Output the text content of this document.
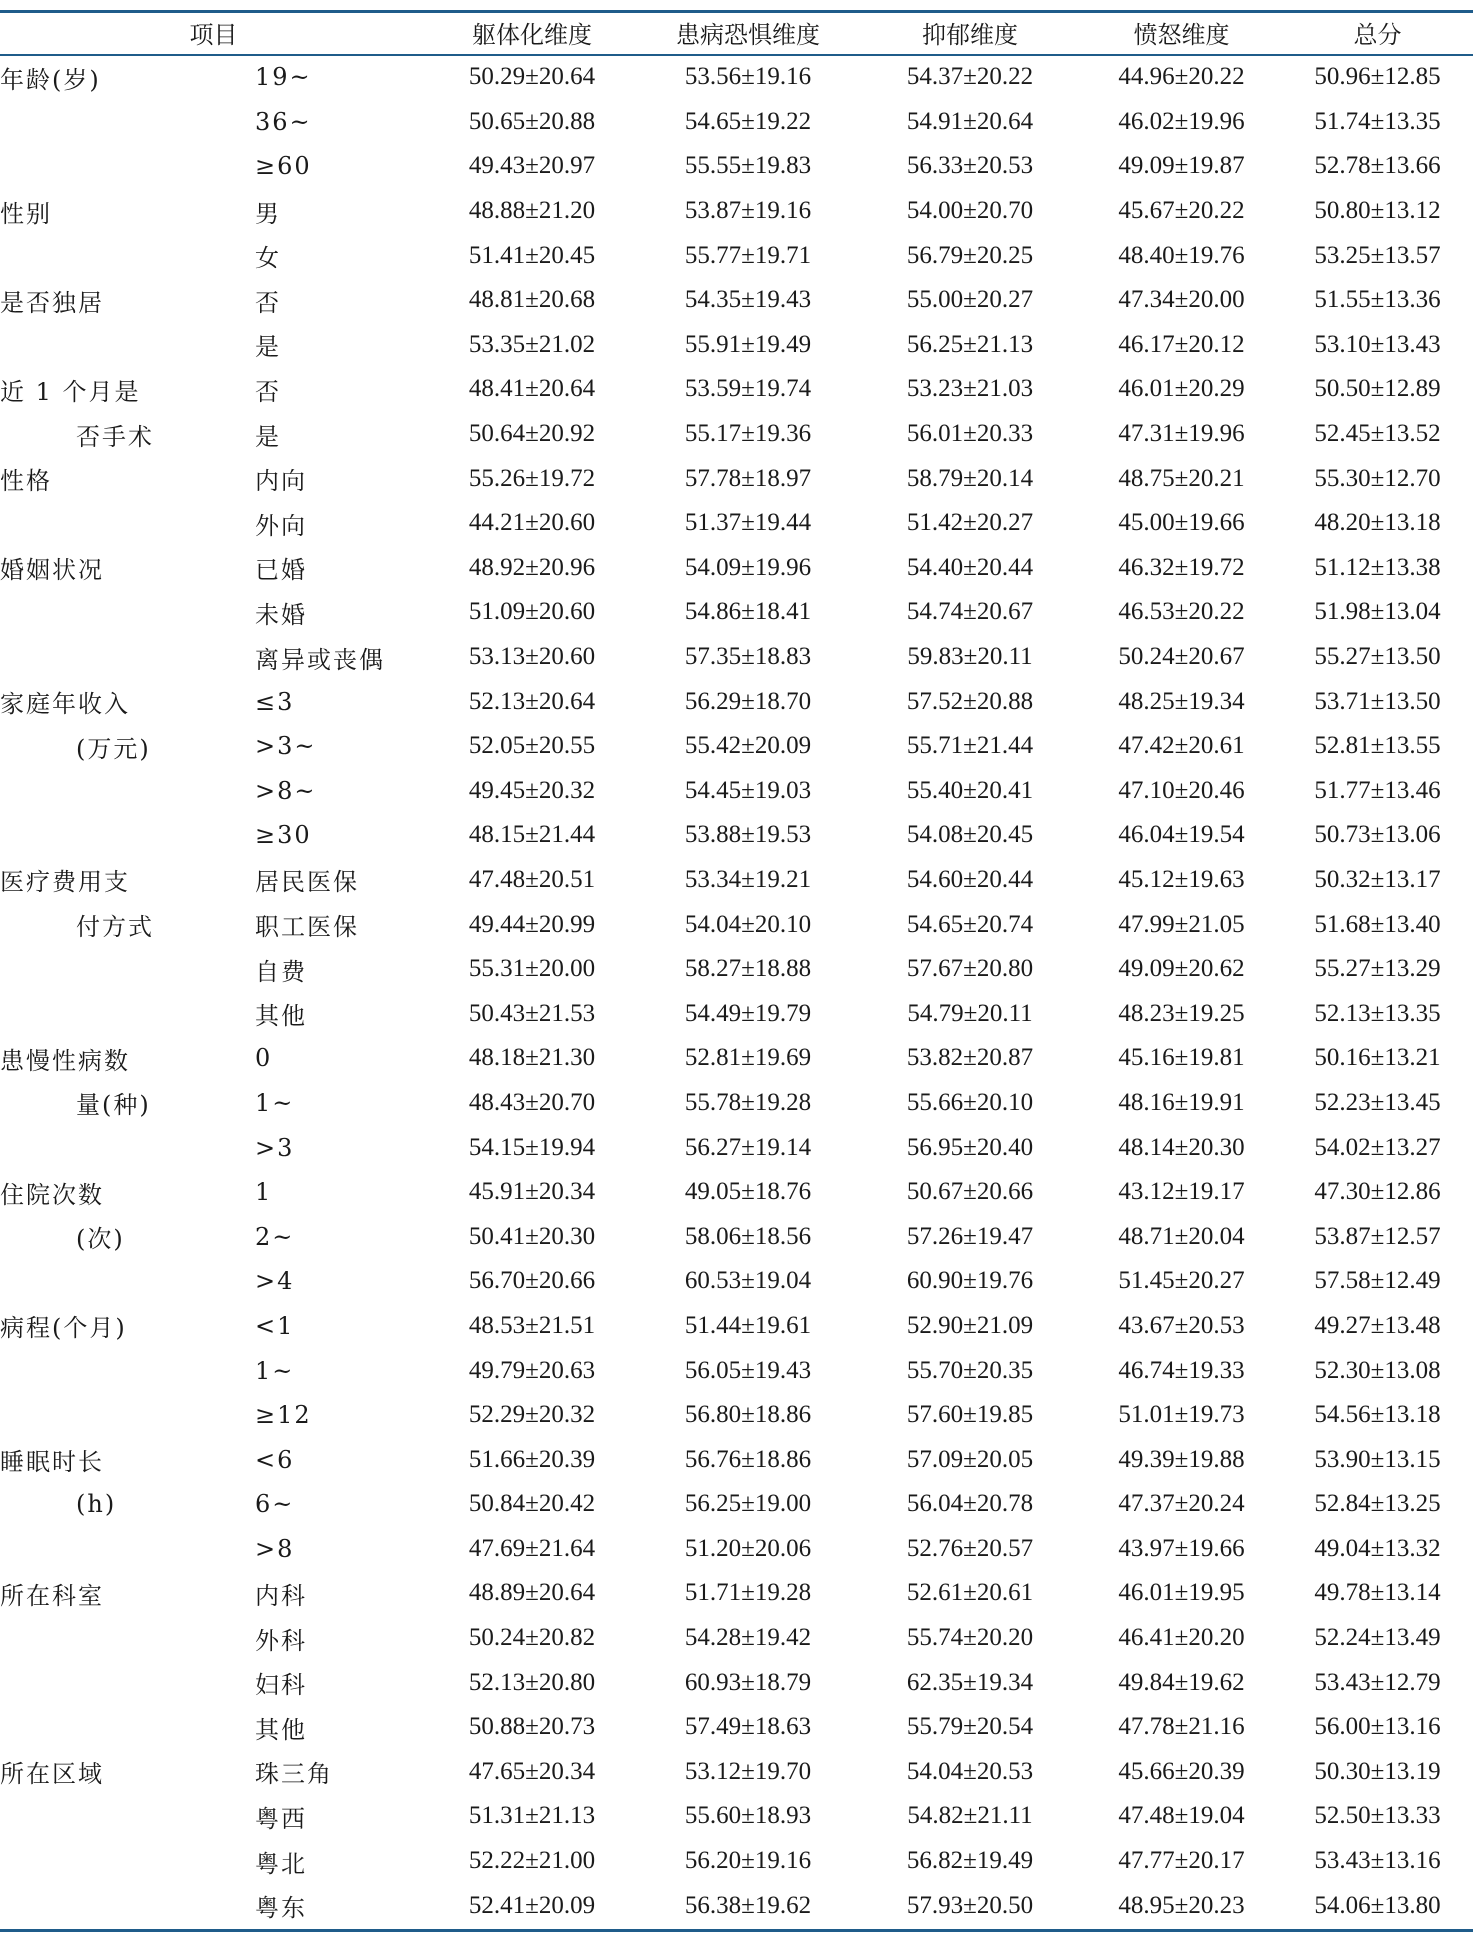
项目		躯体化维度	患病恐惧维度	抑郁维度	愤怒维度	总分
年龄(岁)	19~	50.29±20.64	53.56±19.16	54.37±20.22	44.96±20.22	50.96±12.85
	36~	50.65±20.88	54.65±19.22	54.91±20.64	46.02±19.96	51.74±13.35
	≥60	49.43±20.97	55.55±19.83	56.33±20.53	49.09±19.87	52.78±13.66
性别	男	48.88±21.20	53.87±19.16	54.00±20.70	45.67±20.22	50.80±13.12
	女	51.41±20.45	55.77±19.71	56.79±20.25	48.40±19.76	53.25±13.57
是否独居	否	48.81±20.68	54.35±19.43	55.00±20.27	47.34±20.00	51.55±13.36
	是	53.35±21.02	55.91±19.49	56.25±21.13	46.17±20.12	53.10±13.43
近 1 个月是	否	48.41±20.64	53.59±19.74	53.23±21.03	46.01±20.29	50.50±12.89
否手术	是	50.64±20.92	55.17±19.36	56.01±20.33	47.31±19.96	52.45±13.52
性格	内向	55.26±19.72	57.78±18.97	58.79±20.14	48.75±20.21	55.30±12.70
	外向	44.21±20.60	51.37±19.44	51.42±20.27	45.00±19.66	48.20±13.18
婚姻状况	已婚	48.92±20.96	54.09±19.96	54.40±20.44	46.32±19.72	51.12±13.38
	未婚	51.09±20.60	54.86±18.41	54.74±20.67	46.53±20.22	51.98±13.04
	离异或丧偶	53.13±20.60	57.35±18.83	59.83±20.11	50.24±20.67	55.27±13.50
家庭年收入	≤3	52.13±20.64	56.29±18.70	57.52±20.88	48.25±19.34	53.71±13.50
(万元)	>3~	52.05±20.55	55.42±20.09	55.71±21.44	47.42±20.61	52.81±13.55
	>8~	49.45±20.32	54.45±19.03	55.40±20.41	47.10±20.46	51.77±13.46
	≥30	48.15±21.44	53.88±19.53	54.08±20.45	46.04±19.54	50.73±13.06
医疗费用支	居民医保	47.48±20.51	53.34±19.21	54.60±20.44	45.12±19.63	50.32±13.17
付方式	职工医保	49.44±20.99	54.04±20.10	54.65±20.74	47.99±21.05	51.68±13.40
	自费	55.31±20.00	58.27±18.88	57.67±20.80	49.09±20.62	55.27±13.29
	其他	50.43±21.53	54.49±19.79	54.79±20.11	48.23±19.25	52.13±13.35
患慢性病数	0	48.18±21.30	52.81±19.69	53.82±20.87	45.16±19.81	50.16±13.21
量(种)	1~	48.43±20.70	55.78±19.28	55.66±20.10	48.16±19.91	52.23±13.45
	>3	54.15±19.94	56.27±19.14	56.95±20.40	48.14±20.30	54.02±13.27
住院次数	1	45.91±20.34	49.05±18.76	50.67±20.66	43.12±19.17	47.30±12.86
(次)	2~	50.41±20.30	58.06±18.56	57.26±19.47	48.71±20.04	53.87±12.57
	>4	56.70±20.66	60.53±19.04	60.90±19.76	51.45±20.27	57.58±12.49
病程(个月)	<1	48.53±21.51	51.44±19.61	52.90±21.09	43.67±20.53	49.27±13.48
	1~	49.79±20.63	56.05±19.43	55.70±20.35	46.74±19.33	52.30±13.08
	≥12	52.29±20.32	56.80±18.86	57.60±19.85	51.01±19.73	54.56±13.18
睡眠时长	<6	51.66±20.39	56.76±18.86	57.09±20.05	49.39±19.88	53.90±13.15
(h)	6~	50.84±20.42	56.25±19.00	56.04±20.78	47.37±20.24	52.84±13.25
	>8	47.69±21.64	51.20±20.06	52.76±20.57	43.97±19.66	49.04±13.32
所在科室	内科	48.89±20.64	51.71±19.28	52.61±20.61	46.01±19.95	49.78±13.14
	外科	50.24±20.82	54.28±19.42	55.74±20.20	46.41±20.20	52.24±13.49
	妇科	52.13±20.80	60.93±18.79	62.35±19.34	49.84±19.62	53.43±12.79
	其他	50.88±20.73	57.49±18.63	55.79±20.54	47.78±21.16	56.00±13.16
所在区域	珠三角	47.65±20.34	53.12±19.70	54.04±20.53	45.66±20.39	50.30±13.19
	粤西	51.31±21.13	55.60±18.93	54.82±21.11	47.48±19.04	52.50±13.33
	粤北	52.22±21.00	56.20±19.16	56.82±19.49	47.77±20.17	53.43±13.16
	粤东	52.41±20.09	56.38±19.62	57.93±20.50	48.95±20.23	54.06±13.80
